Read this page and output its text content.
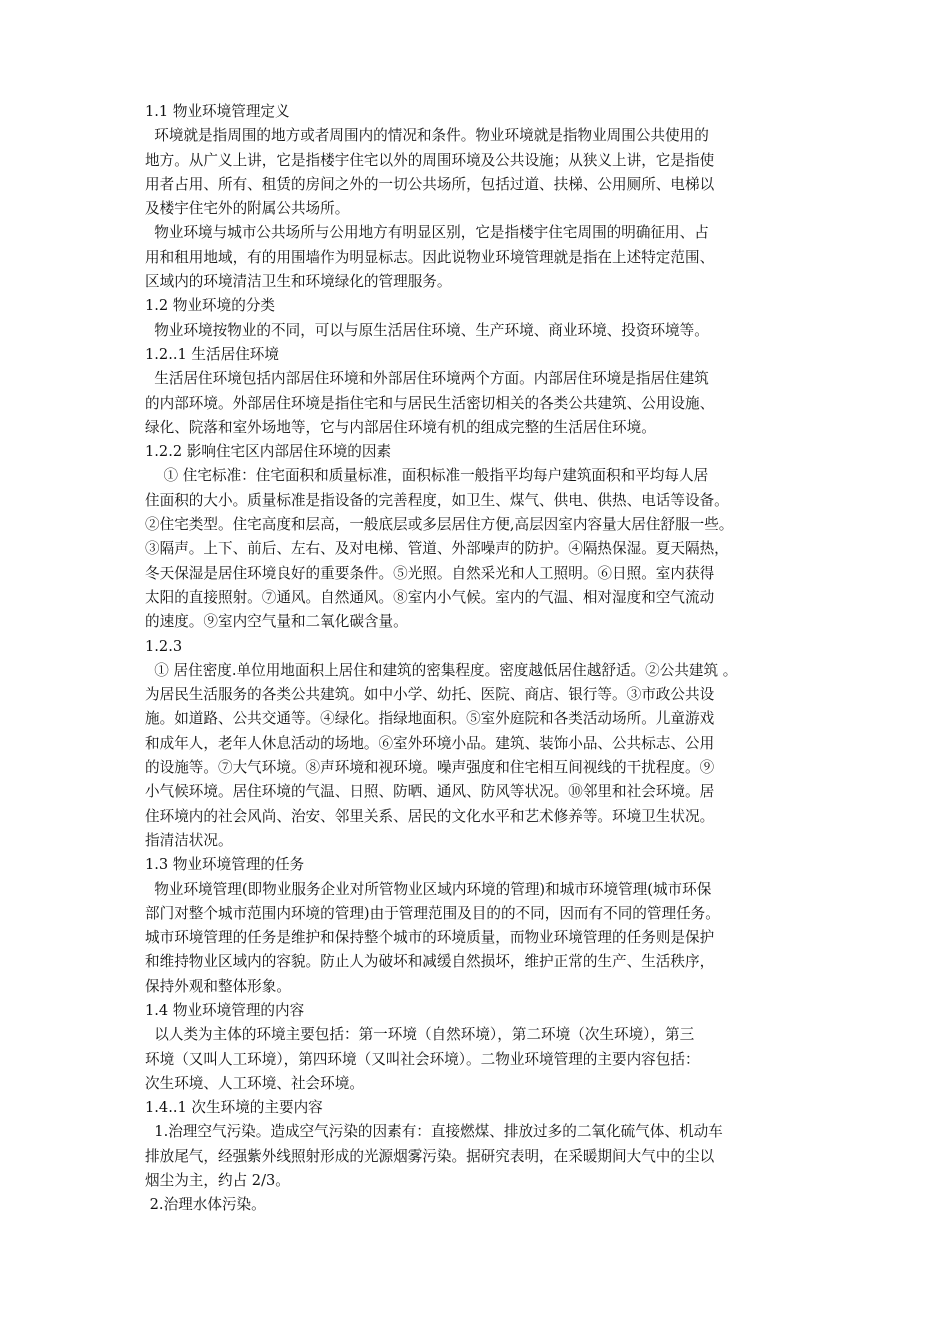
1.1 物业环境管理定义
环境就是指周围的地方或者周围内的情况和条件。物业环境就是指物业周围公共使用的
地方。从广义上讲，它是指楼宇住宅以外的周围环境及公共设施；从狭义上讲，它是指使
用者占用、所有、租赁的房间之外的一切公共场所，包括过道、扶梯、公用厕所、电梯以
及楼宇住宅外的附属公共场所。
物业环境与城市公共场所与公用地方有明显区别，它是指楼宇住宅周围的明确征用、占
用和租用地域，有的用围墙作为明显标志。因此说物业环境管理就是指在上述特定范围、
区域内的环境清洁卫生和环境绿化的管理服务。
1.2 物业环境的分类
物业环境按物业的不同，可以与原生活居住环境、生产环境、商业环境、投资环境等。
1.2..1 生活居住环境
生活居住环境包括内部居住环境和外部居住环境两个方面。内部居住环境是指居住建筑
的内部环境。外部居住环境是指住宅和与居民生活密切相关的各类公共建筑、公用设施、
绿化、院落和室外场地等，它与内部居住环境有机的组成完整的生活居住环境。
1.2.2 影响住宅区内部居住环境的因素
① 住宅标准：住宅面积和质量标准，面积标准一般指平均每户建筑面积和平均每人居
住面积的大小。质量标准是指设备的完善程度，如卫生、煤气、供电、供热、电话等设备。
②住宅类型。住宅高度和层高，一般底层或多层居住方便,高层因室内容量大居住舒服一些。
③隔声。上下、前后、左右、及对电梯、管道、外部噪声的防护。④隔热保湿。夏天隔热，
冬天保湿是居住环境良好的重要条件。⑤光照。自然采光和人工照明。⑥日照。室内获得
太阳的直接照射。⑦通风。自然通风。⑧室内小气候。室内的气温、相对湿度和空气流动
的速度。⑨室内空气量和二氧化碳含量。
1.2.3
① 居住密度.单位用地面积上居住和建筑的密集程度。密度越低居住越舒适。②公共建筑 。
为居民生活服务的各类公共建筑。如中小学、幼托、医院、商店、银行等。③市政公共设
施。如道路、公共交通等。④绿化。指绿地面积。⑤室外庭院和各类活动场所。儿童游戏
和成年人，老年人休息活动的场地。⑥室外环境小品。建筑、装饰小品、公共标志、公用
的设施等。⑦大气环境。⑧声环境和视环境。噪声强度和住宅相互间视线的干扰程度。⑨
小气候环境。居住环境的气温、日照、防晒、通风、防风等状况。⑩邻里和社会环境。居
住环境内的社会风尚、治安、邻里关系、居民的文化水平和艺术修养等。环境卫生状况。
指清洁状况。
1.3 物业环境管理的任务
物业环境管理(即物业服务企业对所管物业区域内环境的管理)和城市环境管理(城市环保
部门对整个城市范围内环境的管理)由于管理范围及目的的不同，因而有不同的管理任务。
城市环境管理的任务是维护和保持整个城市的环境质量，而物业环境管理的任务则是保护
和维持物业区域内的容貌。防止人为破坏和减缓自然损坏，维护正常的生产、生活秩序，
保持外观和整体形象。
1.4 物业环境管理的内容
以人类为主体的环境主要包括：第一环境（自然环境），第二环境（次生环境），第三
环境（又叫人工环境），第四环境（又叫社会环境）。二物业环境管理的主要内容包括：
次生环境、人工环境、社会环境。
1.4..1 次生环境的主要内容
1.治理空气污染。造成空气污染的因素有：直接燃煤、排放过多的二氧化硫气体、机动车
排放尾气，经强紫外线照射形成的光源烟雾污染。据研究表明，在采暖期间大气中的尘以
烟尘为主，约占 2/3。
2.治理水体污染。
